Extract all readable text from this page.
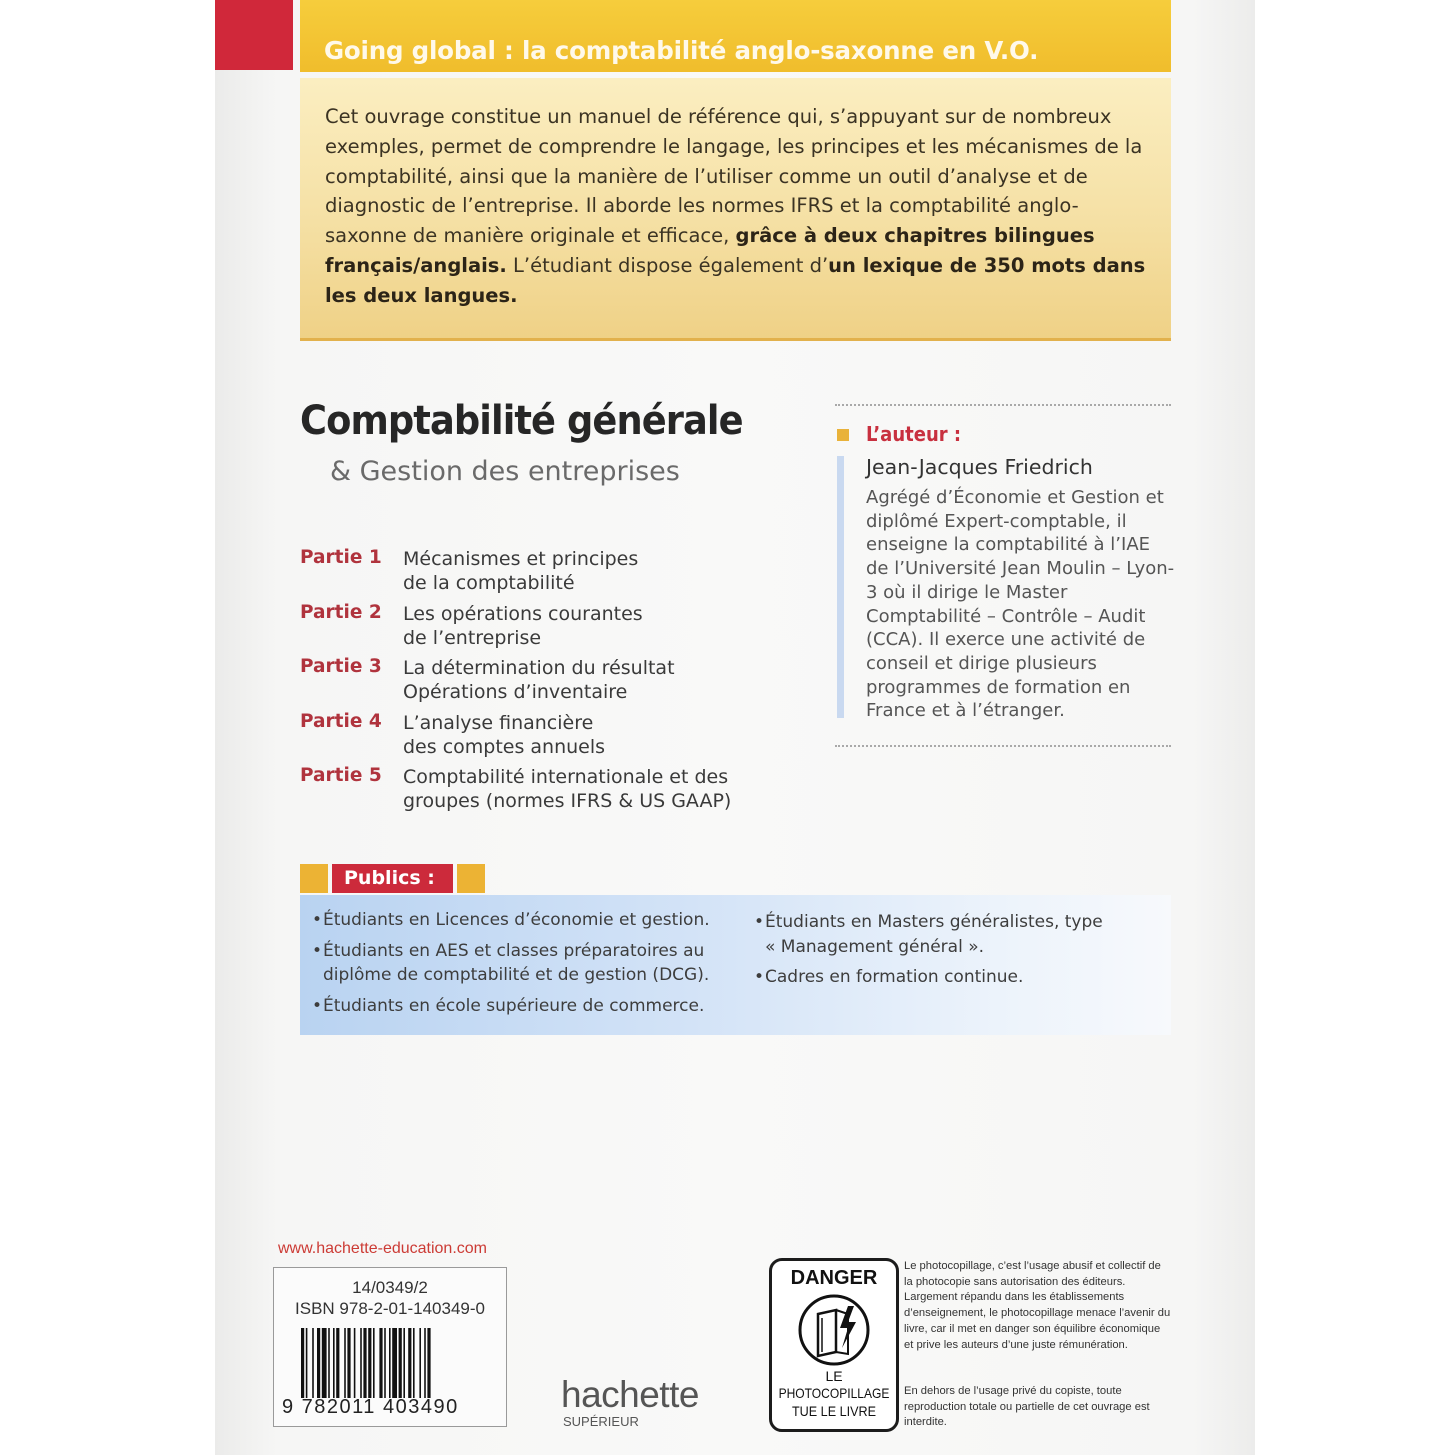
Going global : la comptabilité anglo-saxonne en V.O.
Cet ouvrage constitue un manuel de référence qui, s’appuyant sur de nombreux exemples, permet de comprendre le langage, les principes et les mécanismes de la comptabilité, ainsi que la manière de l’utiliser comme un outil d’analyse et de diagnostic de l’entreprise. Il aborde les normes IFRS et la comptabilité anglo-saxonne de manière originale et efficace, grâce à deux chapitres bilingues français/anglais. L’étudiant dispose également d’un lexique de 350 mots dans les deux langues.
Comptabilité générale
& Gestion des entreprises
Partie 1 Mécanismes et principes
de la comptabilité
Partie 2 Les opérations courantes
de l’entreprise
Partie 3 La détermination du résultat
Opérations d’inventaire
Partie 4 L’analyse financière
des comptes annuels
Partie 5 Comptabilité internationale et des
groupes (normes IFRS & US GAAP)
L’auteur :
Jean-Jacques Friedrich
Agrégé d’Économie et Gestion et diplômé Expert-comptable, il enseigne la comptabilité à l’IAE de l’Université Jean Moulin – Lyon-3 où il dirige le Master Comptabilité – Contrôle – Audit (CCA). Il exerce une activité de conseil et dirige plusieurs programmes de formation en France et à l’étranger.
Publics :
• Étudiants en Licences d’économie et gestion.
• Étudiants en AES et classes préparatoires au diplôme de comptabilité et de gestion (DCG).
• Étudiants en école supérieure de commerce.
• Étudiants en Masters généralistes, type « Management général ».
• Cadres en formation continue.
www.hachette-education.com
14/0349/2
ISBN 978-2-01-140349-0
9 782011 403490	hachette
SUPÉRIEUR
DANGER
LE
PHOTOCOPILLAGE
TUE LE LIVRE
Le photocopillage, c’est l’usage abusif et collectif de la photocopie sans autorisation des éditeurs. Largement répandu dans les établissements d’enseignement, le photocopillage menace l’avenir du livre, car il met en danger son équilibre économique et prive les auteurs d’une juste rémunération.
En dehors de l’usage privé du copiste, toute reproduction totale ou partielle de cet ouvrage est interdite.
